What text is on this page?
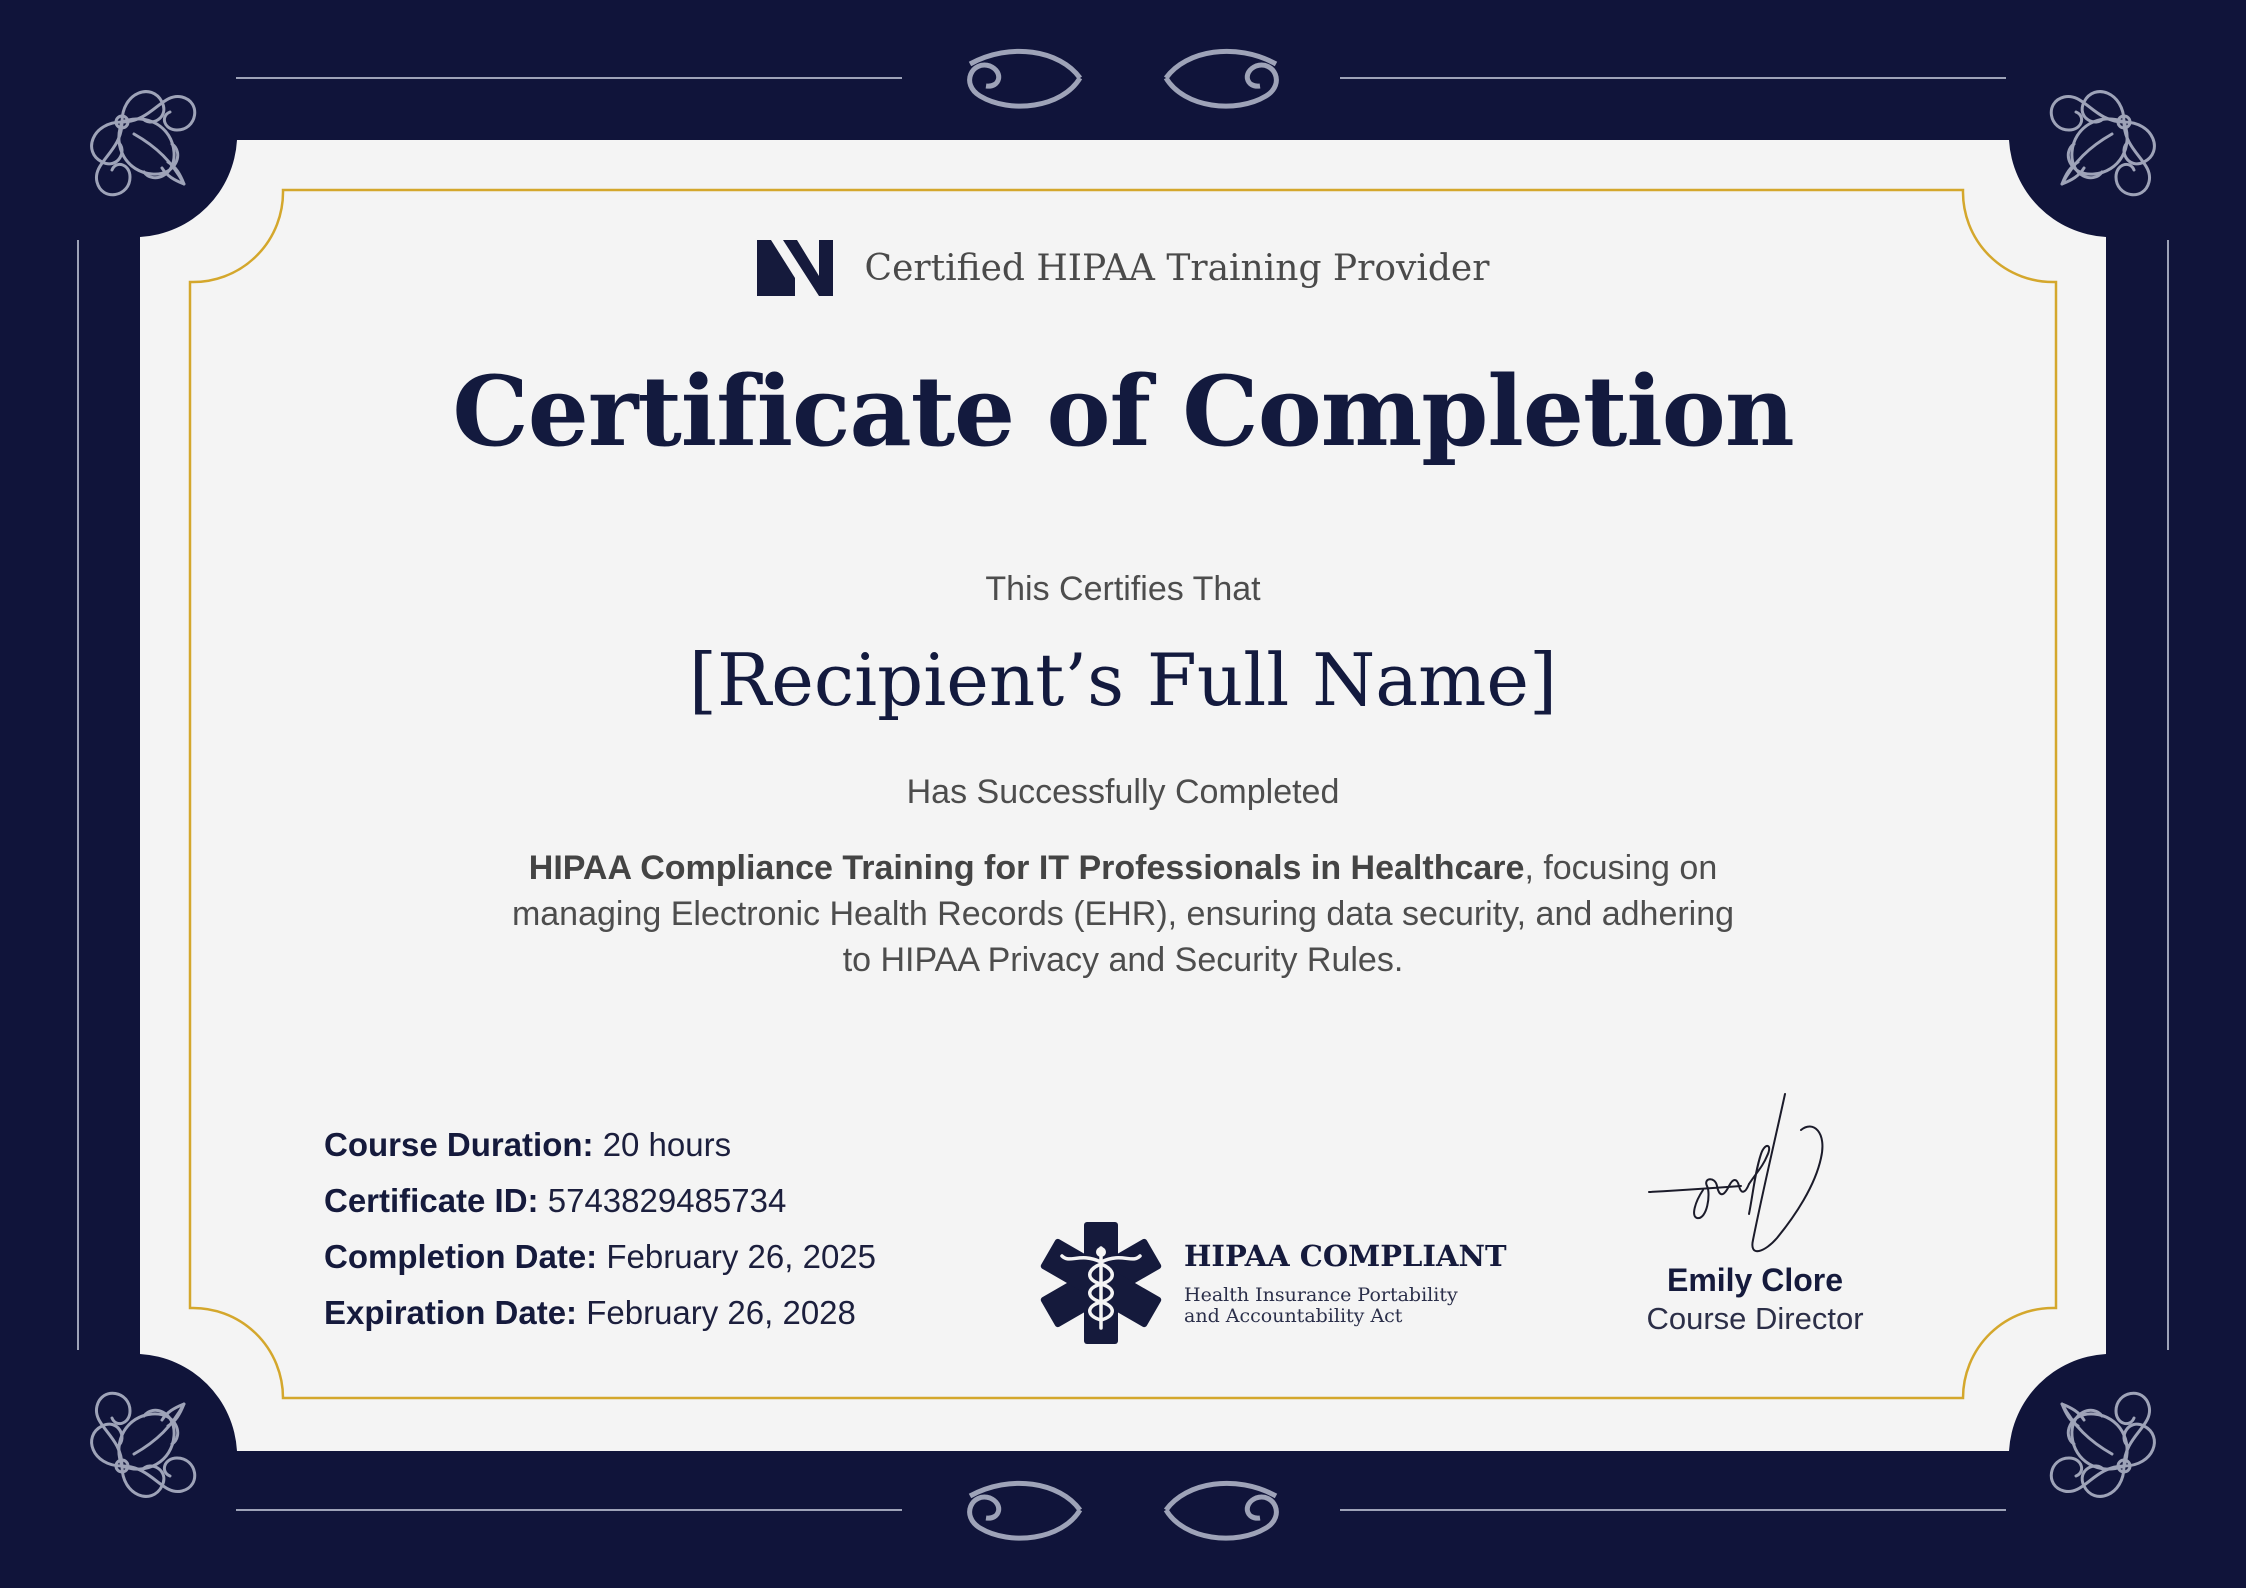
Certified HIPAA Training Provider
Certificate of Completion
This Certifies That
[Recipient’s Full Name]
Has Successfully Completed
HIPAA Compliance Training for IT Professionals in Healthcare, focusing on managing Electronic Health Records (EHR), ensuring data security, and adhering to HIPAA Privacy and Security Rules.
Course Duration: 20 hours
Certificate ID: 5743829485734
Completion Date: February 26, 2025
Expiration Date: February 26, 2028
HIPAA COMPLIANT
Health Insurance Portability
and Accountability Act
Emily Clore
Course Director
